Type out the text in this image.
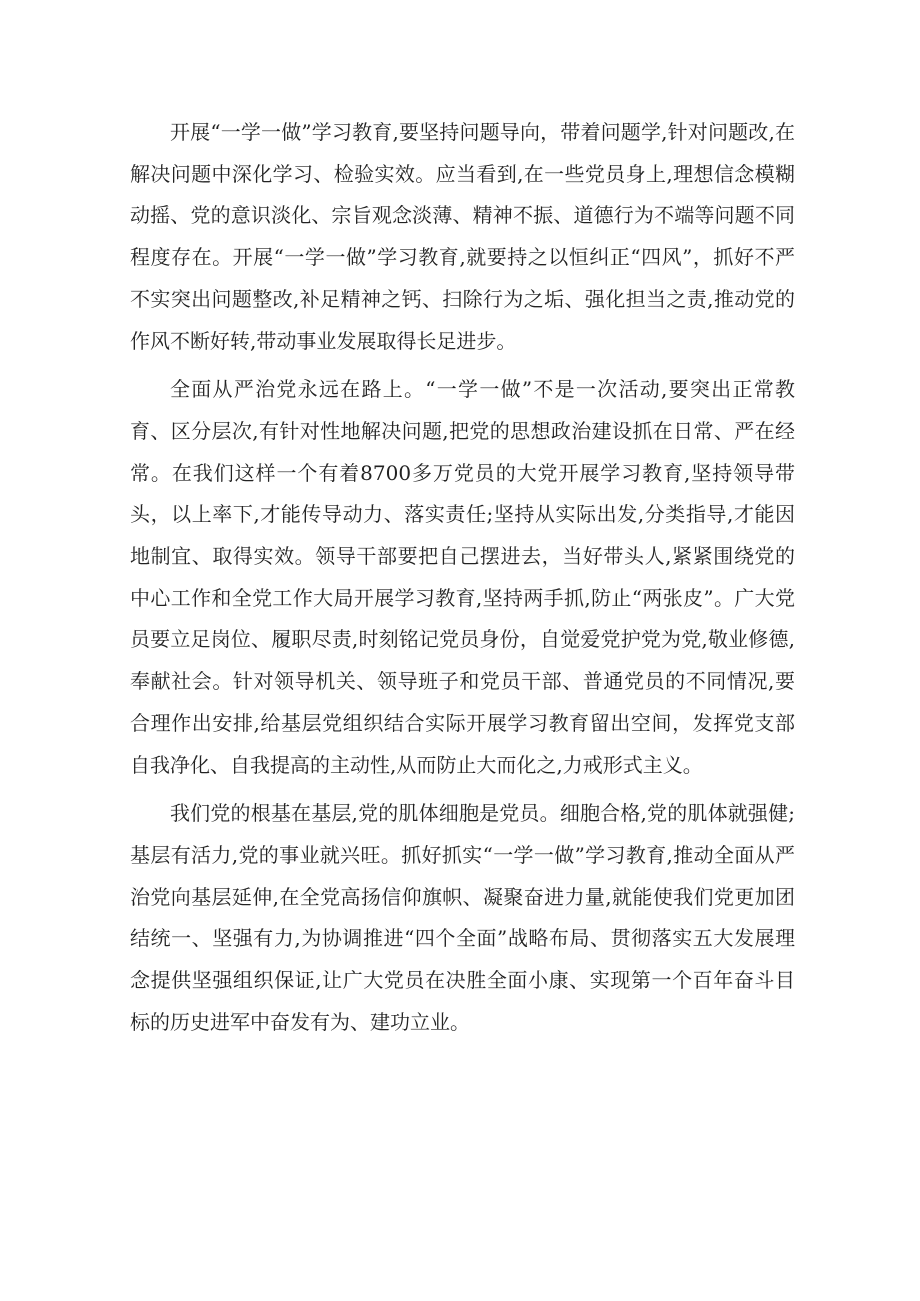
开展“一学一做”学习教育,要坚持问题导向，带着问题学,针对问题改,在解决问题中深化学习、检验实效。应当看到,在一些党员身上,理想信念模糊动摇、党的意识淡化、宗旨观念淡薄、精神不振、道德行为不端等问题不同程度存在。开展“一学一做”学习教育,就要持之以恒纠正“四风”，抓好不严不实突出问题整改,补足精神之钙、扫除行为之垢、强化担当之责,推动党的作风不断好转,带动事业发展取得长足进步。

全面从严治党永远在路上。“一学一做”不是一次活动,要突出正常教育、区分层次,有针对性地解决问题,把党的思想政治建设抓在日常、严在经常。在我们这样一个有着8700多万党员的大党开展学习教育,坚持领导带头，以上率下,才能传导动力、落实责任;坚持从实际出发,分类指导,才能因地制宜、取得实效。领导干部要把自己摆进去，当好带头人,紧紧围绕党的中心工作和全党工作大局开展学习教育,坚持两手抓,防止“两张皮”。广大党员要立足岗位、履职尽责,时刻铭记党员身份，自觉爱党护党为党,敬业修德,奉献社会。针对领导机关、领导班子和党员干部、普通党员的不同情况,要合理作出安排,给基层党组织结合实际开展学习教育留出空间，发挥党支部自我净化、自我提高的主动性,从而防止大而化之,力戒形式主义。

我们党的根基在基层,党的肌体细胞是党员。细胞合格,党的肌体就强健;基层有活力,党的事业就兴旺。抓好抓实“一学一做”学习教育,推动全面从严治党向基层延伸,在全党高扬信仰旗帜、凝聚奋进力量,就能使我们党更加团结统一、坚强有力,为协调推进“四个全面”战略布局、贯彻落实五大发展理念提供坚强组织保证,让广大党员在决胜全面小康、实现第一个百年奋斗目标的历史进军中奋发有为、建功立业。
